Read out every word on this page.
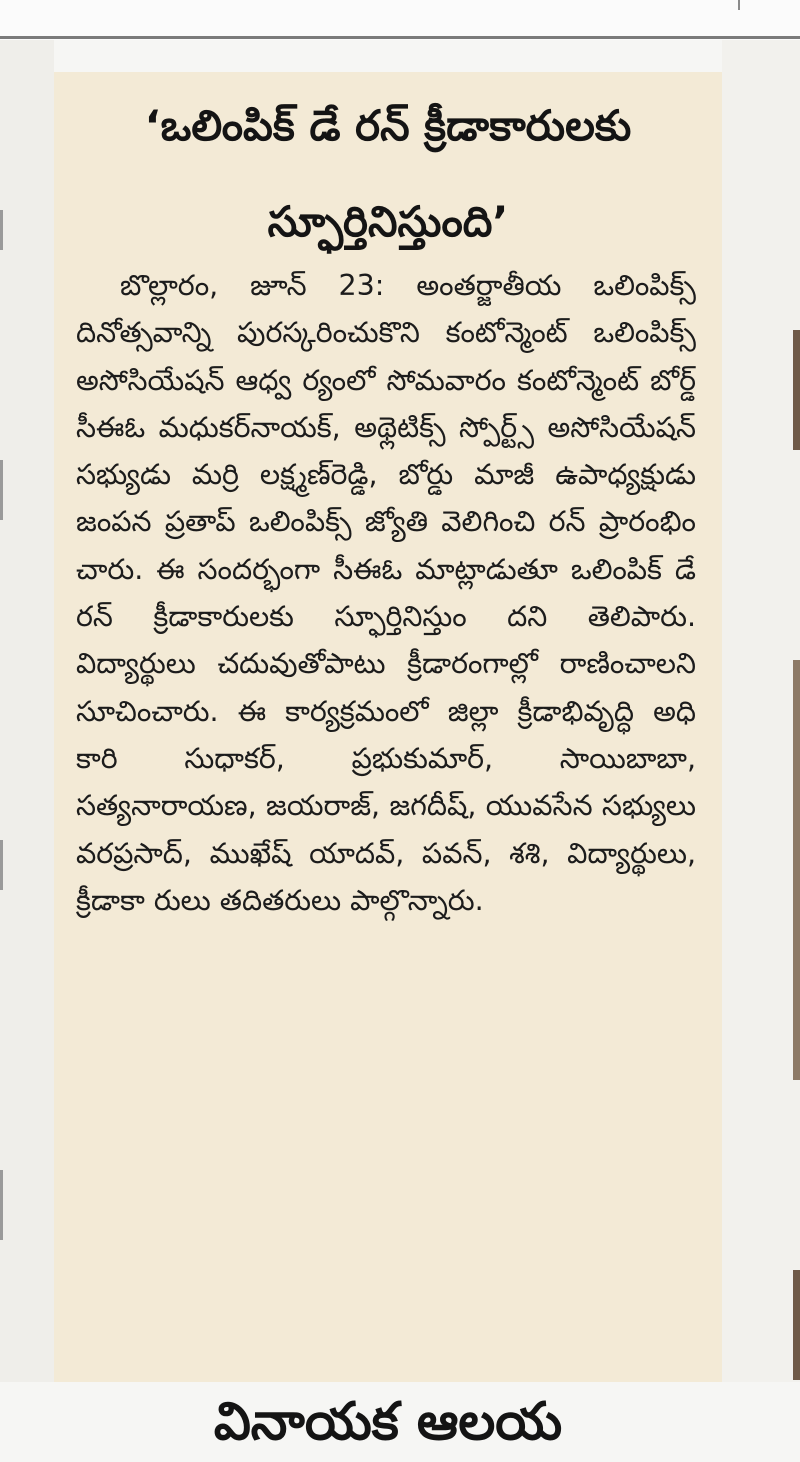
‘ఒలింపిక్ డే రన్ క్రీడాకారులకు
స్ఫూర్తినిస్తుంది’

బొల్లారం, జూన్ 23: అంతర్జాతీయ ఒలింపిక్స్ దినోత్సవాన్ని పురస్కరించుకొని కంటోన్మెంట్ ఒలింపిక్స్ అసోసియేషన్ ఆధ్వ ర్యంలో సోమవారం కంటోన్మెంట్ బోర్డ్ సీఈఓ మధుకర్‌నాయక్, అథ్లెటిక్స్ స్పోర్ట్స్ అసోసియేషన్ సభ్యుడు మర్రి లక్ష్మణ్‌రెడ్డి, బోర్డు మాజీ ఉపాధ్యక్షుడు జంపన ప్రతాప్ ఒలింపిక్స్ జ్యోతి వెలిగించి రన్ ప్రారంభిం చారు. ఈ సందర్భంగా సీఈఓ మాట్లాడుతూ ఒలింపిక్ డే రన్ క్రీడాకారులకు స్ఫూర్తినిస్తుం దని తెలిపారు. విద్యార్థులు చదువుతోపాటు క్రీడారంగాల్లో రాణించాలని సూచించారు. ఈ కార్యక్రమంలో జిల్లా క్రీడాభివృద్ధి అధి కారి సుధాకర్, ప్రభుకుమార్, సాయిబాబా, సత్యనారాయణ, జయరాజ్, జగదీష్, యువసేన సభ్యులు వరప్రసాద్, ముఖేష్ యాదవ్, పవన్, శశి, విద్యార్థులు, క్రీడాకా రులు తదితరులు పాల్గొన్నారు.

వినాయక ఆలయ
